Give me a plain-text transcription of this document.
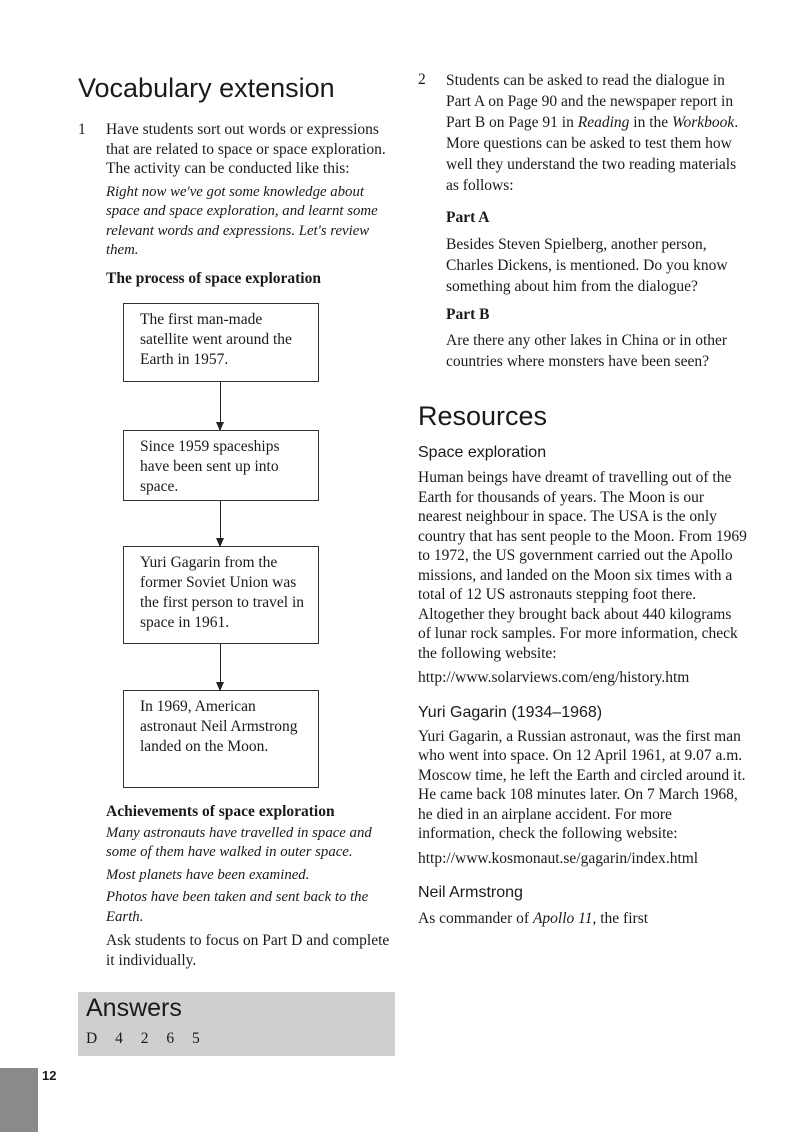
Vocabulary extension
1 Have students sort out words or expressions that are related to space or space exploration. The activity can be conducted like this:

Right now we've got some knowledge about space and space exploration, and learnt some relevant words and expressions. Let's review them.

The process of space exploration

The first man-made satellite went around the Earth in 1957.
Since 1959 spaceships have been sent up into space.
Yuri Gagarin from the former Soviet Union was the first person to travel in space in 1961.
In 1969, American astronaut Neil Armstrong landed on the Moon.

Achievements of space exploration

Many astronauts have travelled in space and some of them have walked in outer space.

Most planets have been examined.

Photos have been taken and sent back to the Earth.

Ask students to focus on Part D and complete it individually.

Answers
D 4 2 6 5
2 Students can be asked to read the dialogue in Part A on Page 90 and the newspaper report in Part B on Page 91 in Reading in the Workbook. More questions can be asked to test them how well they understand the two reading materials as follows:

Part A

Besides Steven Spielberg, another person, Charles Dickens, is mentioned. Do you know something about him from the dialogue?

Part B

Are there any other lakes in China or in other countries where monsters have been seen?

Resources

Space exploration

Human beings have dreamt of travelling out of the Earth for thousands of years. The Moon is our nearest neighbour in space. The USA is the only country that has sent people to the Moon. From 1969 to 1972, the US government carried out the Apollo missions, and landed on the Moon six times with a total of 12 US astronauts stepping foot there. Altogether they brought back about 440 kilograms of lunar rock samples. For more information, check the following website:

http://www.solarviews.com/eng/history.htm

Yuri Gagarin (1934–1968)

Yuri Gagarin, a Russian astronaut, was the first man who went into space. On 12 April 1961, at 9.07 a.m. Moscow time, he left the Earth and circled around it. He came back 108 minutes later. On 7 March 1968, he died in an airplane accident. For more information, check the following website:

http://www.kosmonaut.se/gagarin/index.html

Neil Armstrong

As commander of Apollo 11, the first

12
